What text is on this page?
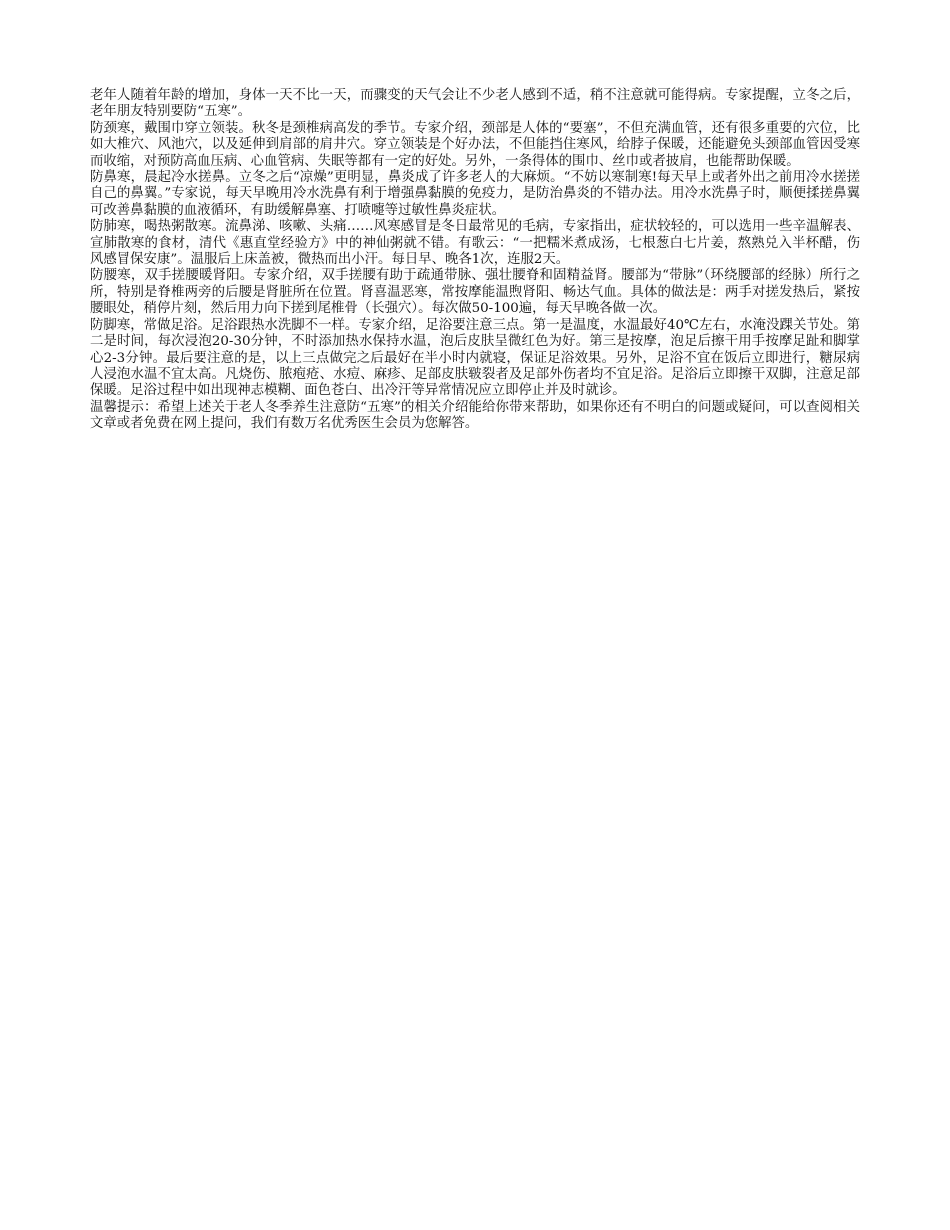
老年人随着年龄的增加，身体一天不比一天，而骤变的天气会让不少老人感到不适，稍不注意就可能得病。专家提醒，立冬之后，老年朋友特别要防“五寒”。

防颈寒，戴围巾穿立领装。秋冬是颈椎病高发的季节。专家介绍，颈部是人体的“要塞”，不但充满血管，还有很多重要的穴位，比如大椎穴、风池穴，以及延伸到肩部的肩井穴。穿立领装是个好办法，不但能挡住寒风，给脖子保暖，还能避免头颈部血管因受寒而收缩，对预防高血压病、心血管病、失眠等都有一定的好处。另外，一条得体的围巾、丝巾或者披肩，也能帮助保暖。

防鼻寒，晨起冷水搓鼻。立冬之后“凉燥”更明显，鼻炎成了许多老人的大麻烦。“不妨以寒制寒!每天早上或者外出之前用冷水搓搓自己的鼻翼。”专家说，每天早晚用冷水洗鼻有利于增强鼻黏膜的免疫力，是防治鼻炎的不错办法。用冷水洗鼻子时，顺便揉搓鼻翼可改善鼻黏膜的血液循环，有助缓解鼻塞、打喷嚏等过敏性鼻炎症状。

防肺寒，喝热粥散寒。流鼻涕、咳嗽、头痛……风寒感冒是冬日最常见的毛病，专家指出，症状较轻的，可以选用一些辛温解表、宣肺散寒的食材，清代《惠直堂经验方》中的神仙粥就不错。有歌云：“一把糯米煮成汤，七根葱白七片姜，熬熟兑入半杯醋，伤风感冒保安康”。温服后上床盖被，微热而出小汗。每日早、晚各1次，连服2天。

防腰寒，双手搓腰暖肾阳。专家介绍，双手搓腰有助于疏通带脉、强壮腰脊和固精益肾。腰部为“带脉”（环绕腰部的经脉）所行之所，特别是脊椎两旁的后腰是肾脏所在位置。肾喜温恶寒，常按摩能温煦肾阳、畅达气血。具体的做法是：两手对搓发热后，紧按腰眼处，稍停片刻，然后用力向下搓到尾椎骨（长强穴）。每次做50-100遍，每天早晚各做一次。

防脚寒，常做足浴。足浴跟热水洗脚不一样。专家介绍，足浴要注意三点。第一是温度，水温最好40℃左右，水淹没踝关节处。第二是时间，每次浸泡20-30分钟，不时添加热水保持水温，泡后皮肤呈微红色为好。第三是按摩，泡足后擦干用手按摩足趾和脚掌心2-3分钟。最后要注意的是，以上三点做完之后最好在半小时内就寝，保证足浴效果。另外，足浴不宜在饭后立即进行，糖尿病人浸泡水温不宜太高。凡烧伤、脓疱疮、水痘、麻疹、足部皮肤皲裂者及足部外伤者均不宜足浴。足浴后立即擦干双脚，注意足部保暖。足浴过程中如出现神志模糊、面色苍白、出冷汗等异常情况应立即停止并及时就诊。

温馨提示：希望上述关于老人冬季养生注意防“五寒”的相关介绍能给你带来帮助，如果你还有不明白的问题或疑问，可以查阅相关文章或者免费在网上提问，我们有数万名优秀医生会员为您解答。
